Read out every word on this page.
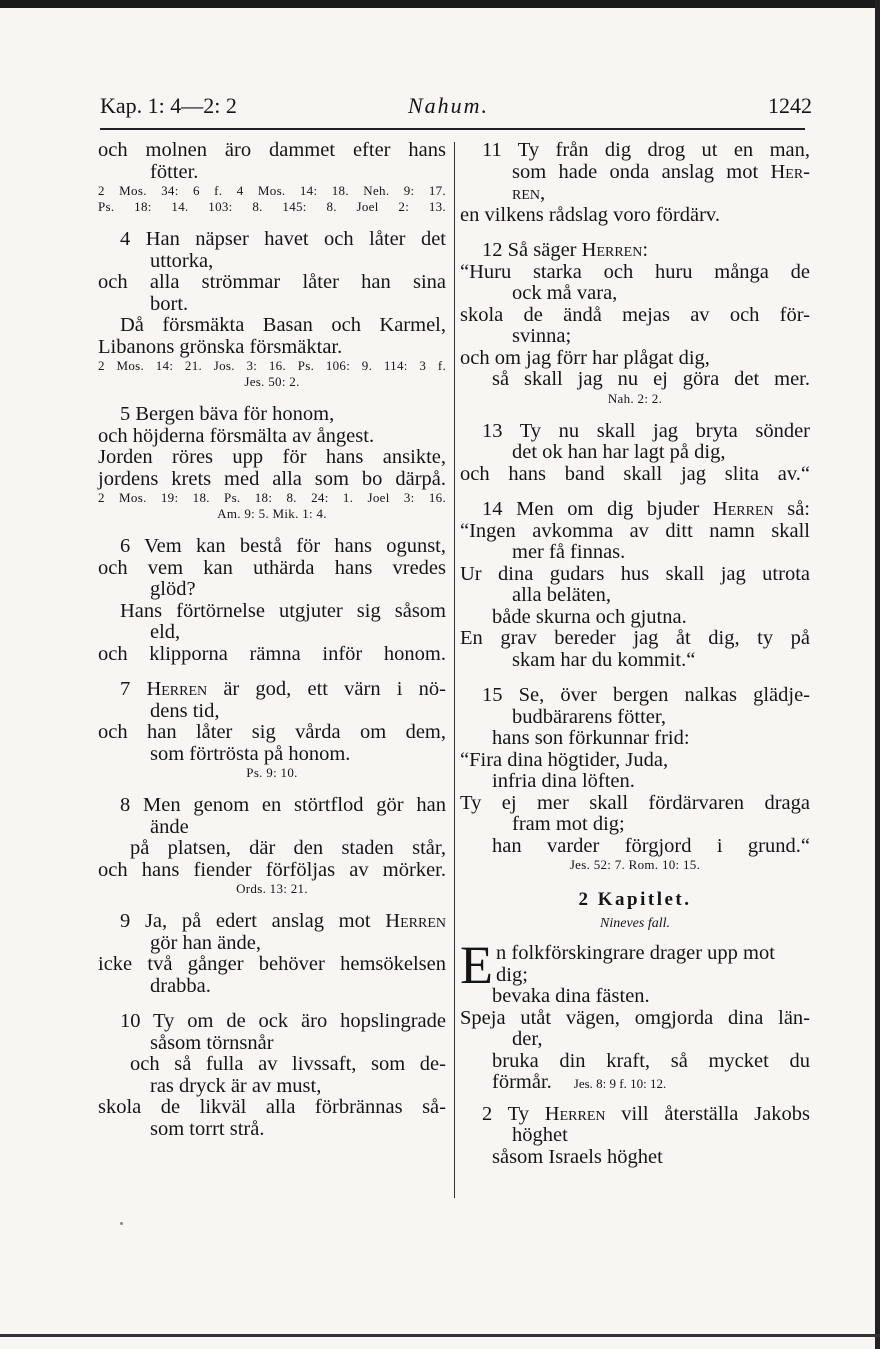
Kap. 1: 4—2: 2	Nahum.	1242
och molnen äro dammet efter hans
fötter.
2 Mos. 34: 6 f. 4 Mos. 14: 18. Neh. 9: 17.
Ps. 18: 14. 103: 8. 145: 8. Joel 2: 13.
4 Han näpser havet och låter det
uttorka,
och alla strömmar låter han sina
bort.
Då försmäkta Basan och Karmel,
Libanons grönska försmäktar.
2 Mos. 14: 21. Jos. 3: 16. Ps. 106: 9. 114: 3 f.
Jes. 50: 2.
5 Bergen bäva för honom,
och höjderna försmälta av ångest.
Jorden röres upp för hans ansikte,
jordens krets med alla som bo därpå.
2 Mos. 19: 18. Ps. 18: 8. 24: 1. Joel 3: 16.
Am. 9: 5. Mik. 1: 4.
6 Vem kan bestå för hans ogunst,
och vem kan uthärda hans vredes
glöd?
Hans förtörnelse utgjuter sig såsom
eld,
och klipporna rämna inför honom.
7 Herren är god, ett värn i nö-
dens tid,
och han låter sig vårda om dem,
som förtrösta på honom.
Ps. 9: 10.
8 Men genom en störtflod gör han
ände
på platsen, där den staden står,
och hans fiender förföljas av mörker.
Ords. 13: 21.
9 Ja, på edert anslag mot Herren
gör han ände,
icke två gånger behöver hemsökelsen
drabba.
10 Ty om de ock äro hopslingrade
såsom törnsnår
och så fulla av livssaft, som de-
ras dryck är av must,
skola de likväl alla förbrännas så-
som torrt strå.
11 Ty från dig drog ut en man,
som hade onda anslag mot Her-
ren,
en vilkens rådslag voro fördärv.
12 Så säger Herren:
“Huru starka och huru många de
ock må vara,
skola de ändå mejas av och för-
svinna;
och om jag förr har plågat dig,
så skall jag nu ej göra det mer.
Nah. 2: 2.
13 Ty nu skall jag bryta sönder
det ok han har lagt på dig,
och hans band skall jag slita av.“
14 Men om dig bjuder Herren så:
“Ingen avkomma av ditt namn skall
mer få finnas.
Ur dina gudars hus skall jag utrota
alla beläten,
både skurna och gjutna.
En grav bereder jag åt dig, ty på
skam har du kommit.“
15 Se, över bergen nalkas glädje-
budbärarens fötter,
hans son förkunnar frid:
“Fira dina högtider, Juda,
infria dina löften.
Ty ej mer skall fördärvaren draga
fram mot dig;
han varder förgjord i grund.“
Jes. 52: 7. Rom. 10: 15.
2 Kapitlet.
Nineves fall.
E n folkförskingrare drager upp mot
dig;
bevaka dina fästen.
Speja utåt vägen, omgjorda dina län-
der,
bruka din kraft, så mycket du
förmår. Jes. 8: 9 f. 10: 12.
2 Ty Herren vill återställa Jakobs
höghet
såsom Israels höghet
